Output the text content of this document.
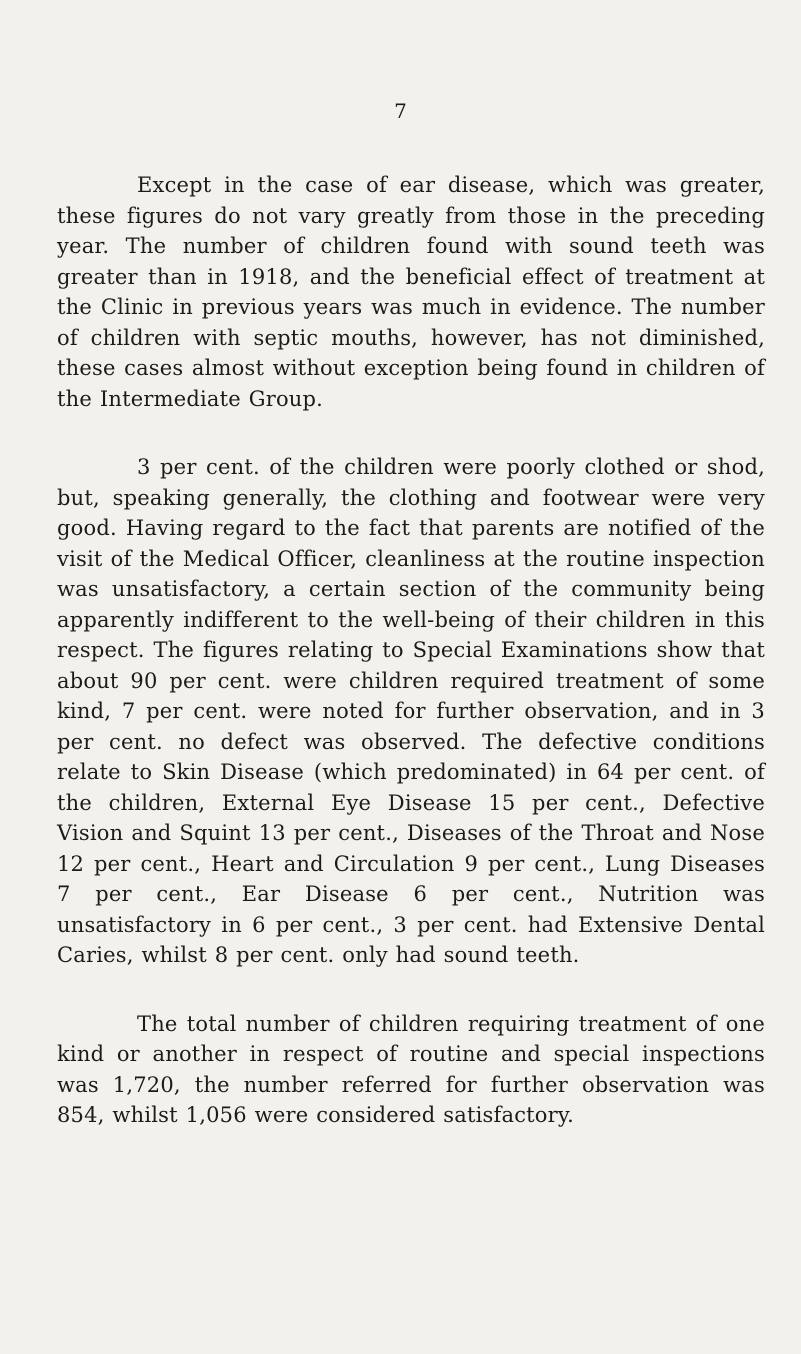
7

Except in the case of ear disease, which was greater, these figures do not vary greatly from those in the preceding year. The number of children found with sound teeth was greater than in 1918, and the beneficial effect of treatment at the Clinic in previous years was much in evidence. The number of children with septic mouths, however, has not diminished, these cases almost without exception being found in children of the Intermediate Group.

3 per cent. of the children were poorly clothed or shod, but, speaking generally, the clothing and footwear were very good. Having regard to the fact that parents are notified of the visit of the Medical Officer, cleanliness at the routine inspection was unsatisfactory, a certain section of the community being apparently indifferent to the well-being of their children in this respect. The figures relating to Special Examinations show that about 90 per cent. were children required treatment of some kind, 7 per cent. were noted for further observation, and in 3 per cent. no defect was observed. The defective conditions relate to Skin Disease (which predominated) in 64 per cent. of the children, External Eye Disease 15 per cent., Defective Vision and Squint 13 per cent., Diseases of the Throat and Nose 12 per cent., Heart and Circulation 9 per cent., Lung Diseases 7 per cent., Ear Disease 6 per cent., Nutrition was unsatisfactory in 6 per cent., 3 per cent. had Extensive Dental Caries, whilst 8 per cent. only had sound teeth.

The total number of children requiring treatment of one kind or another in respect of routine and special inspections was 1,720, the number referred for further observation was 854, whilst 1,056 were considered satisfactory.
